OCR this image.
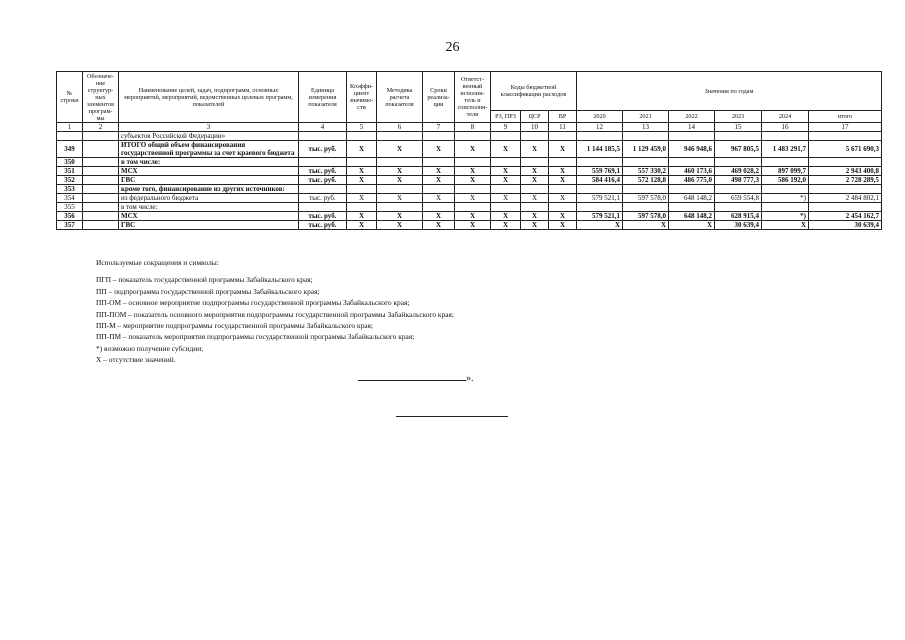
26
№ строки	Обозначе-ние структур-ных элементов програм-мы	Наименование целей, задач, подпрограмм, основных мероприятий, мероприятий, ведомственных целевых программ, показателей	Единица измерения показателя	Коэффи-циент значимо-сти	Методика расчета показателя	Сроки реализа-ции	Ответст-венный исполни-тель и соисполни-тели	Коды бюджетной классификации расходов			Значения по годам					
								РЗ, ПРЗ	ЦСР	ВР	2020	2021	2022	2023	2024	итого
1	2	3	4	5	6	7	8	9	10	11	12	13	14	15	16	17
		субъектов Российской Федерации»														
349		ИТОГО общий объем финансирования государственной программы за счет краевого бюджета	тыс. руб.	X	X	X	X	X	X	X	1 144 185,5	1 129 459,0	946 948,6	967 805,5	1 483 291,7	5 671 690,3
350		в том числе:														
351		МСХ	тыс. руб.	X	X	X	X	X	X	X	559 769,1	557 330,2	460 173,6	469 028,2	897 099,7	2 943 400,8
352		ГВС	тыс. руб.	X	X	X	X	X	X	X	584 416,4	572 128,8	486 775,0	498 777,3	586 192,0	2 728 289,5
353		кроме того, финансирование из других источников:														
354		из федерального бюджета	тыс. руб.	X	X	X	X	X	X	X	579 521,1	597 578,0	648 148,2	659 554,8	*)	2 484 802,1
355		в том числе:														
356		МСХ	тыс. руб.	X	X	X	X	X	X	X	579 521,1	597 578,0	648 148,2	628 915,4	*)	2 454 162,7
357		ГВС	тыс. руб.	X	X	X	X	X	X	X	X	X	X	30 639,4	X	30 639,4
Используемые сокращения и символы:
ПГП – показатель государственной программы Забайкальского края;
ПП – подпрограмма государственной программы Забайкальского края;
ПП-ОМ – основное мероприятие подпрограммы государственной программы Забайкальского края;
ПП-ПОМ – показатель основного мероприятия подпрограммы государственной программы Забайкальского края;
ПП-М – мероприятие подпрограммы государственной программы Забайкальского края;
ПП-ПМ – показатель мероприятия подпрограммы государственной программы Забайкальского края;
*) возможно получение субсидии;
X – отсутствие значений.
».
